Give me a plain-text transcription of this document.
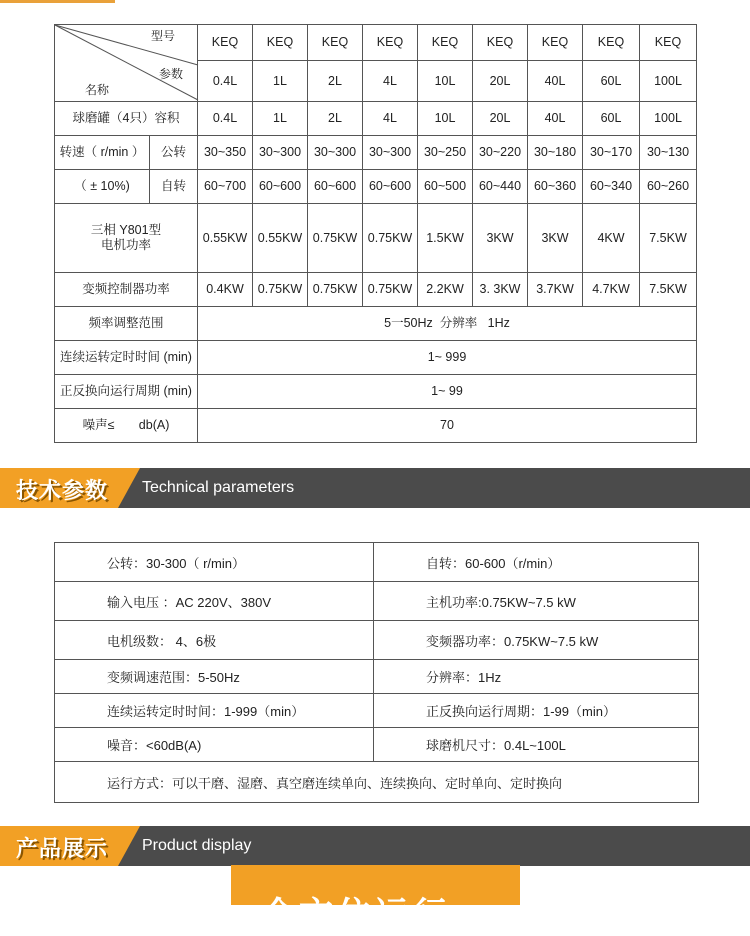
型号
参数
名称		KEQ	KEQ	KEQ	KEQ	KEQ	KEQ	KEQ	KEQ	KEQ
		0.4L	1L	2L	4L	10L	20L	40L	60L	100L
球磨罐（4只）容积		0.4L	1L	2L	4L	10L	20L	40L	60L	100L
转速（ r/min ）	公转	30~350	30~300	30~300	30~300	30~250	30~220	30~180	30~170	30~130
（ ± 10%)	自转	60~700	60~600	60~600	60~600	60~500	60~440	60~360	60~340	60~260

三相 Y801型
电机功率		0.55KW	0.55KW	0.75KW	0.75KW	1.5KW	3KW	3KW	4KW	7.5KW
变频控制器功率		0.4KW	0.75KW	0.75KW	0.75KW	2.2KW	3. 3KW	3.7KW	4.7KW	7.5KW
频率调整范围		5一50Hz  分辨率   1Hz								
连续运转定时时间 (min)		1~ 999								
正反换向运行周期 (min)		1~ 99								
噪声≤       db(A)		70								
技术参数 Technical parameters
公转：30-300（ r/min）	自转：60-600（r/min）
输入电压 ：AC 220V、380V	主机功率:0.75KW~7.5 kW
电机级数： 4、6极	变频器功率：0.75KW~7.5 kW
变频调速范围：5-50Hz	分辨率：1Hz
连续运转定时时间：1-999（min）	正反换向运行周期：1-99（min）
噪音：<60dB(A)	球磨机尺寸：0.4L~100L
运行方式：可以干磨、湿磨、真空磨连续单向、连续换向、定时单向、定时换向	
产品展示 Product display
全方位运行
